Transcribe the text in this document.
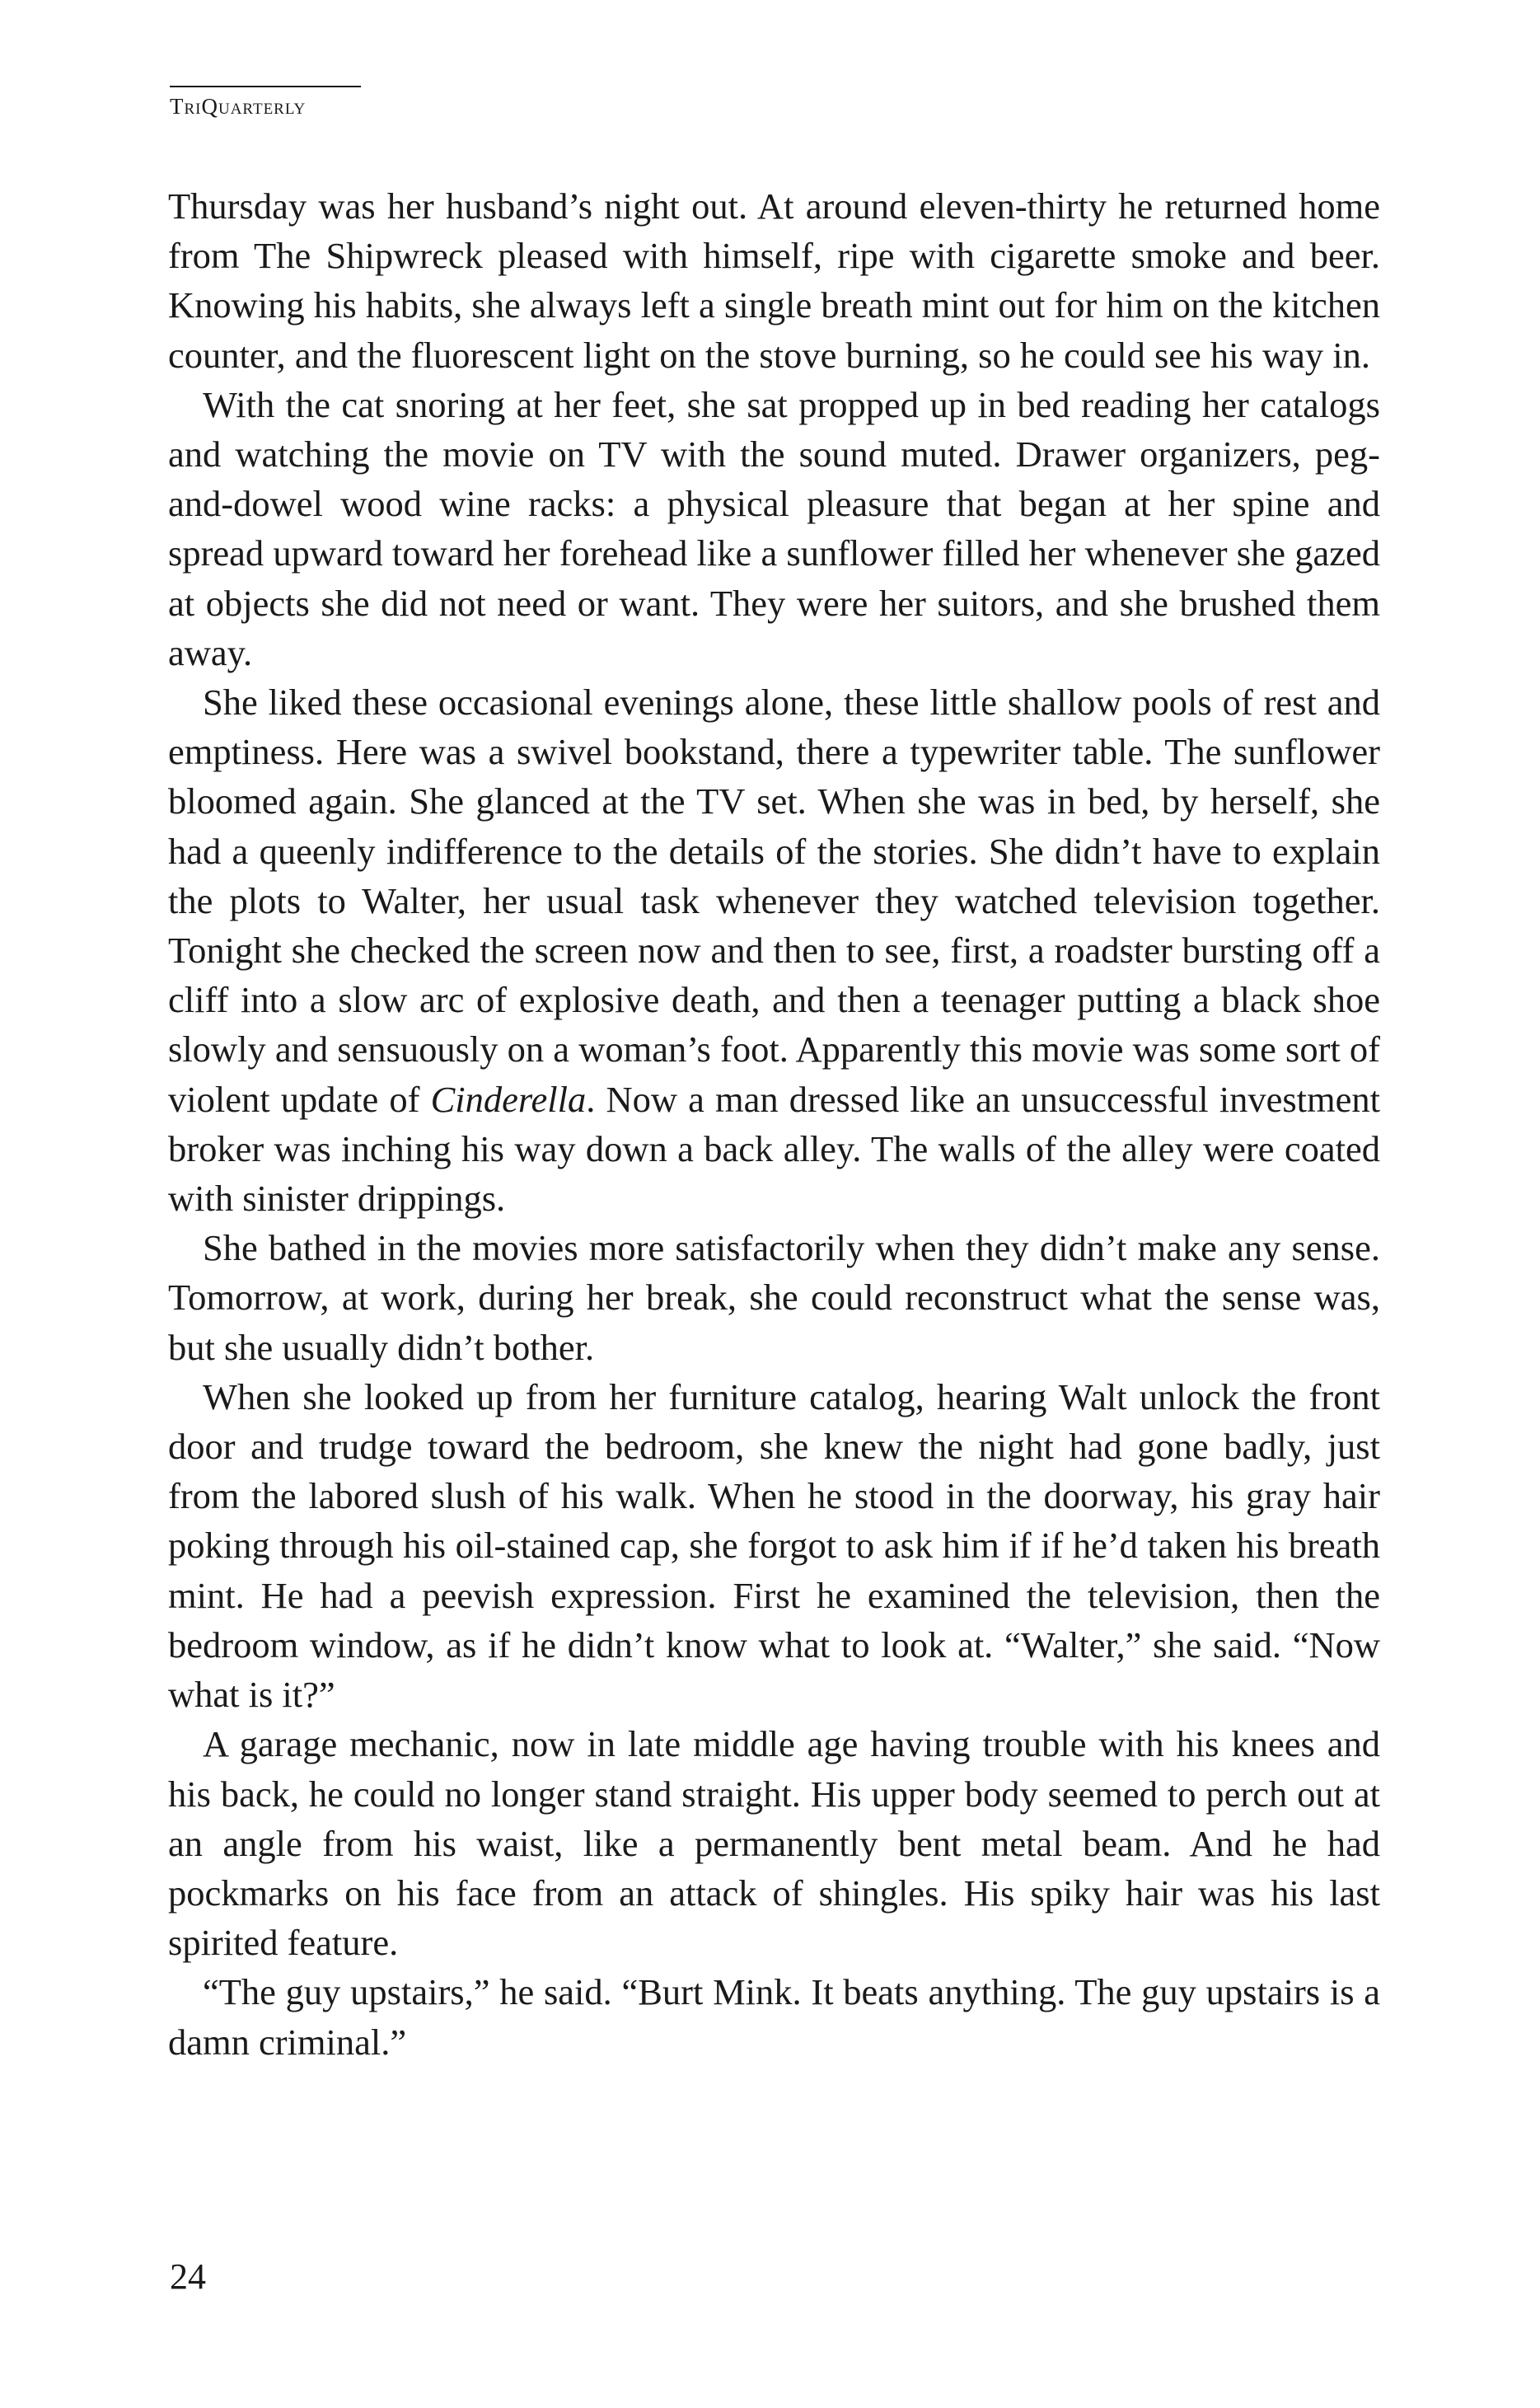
TriQuarterly

Thursday was her husband’s night out. At around eleven-thirty he returned home from The Shipwreck pleased with himself, ripe with cigarette smoke and beer. Knowing his habits, she always left a single breath mint out for him on the kitchen counter, and the fluorescent light on the stove burning, so he could see his way in.

With the cat snoring at her feet, she sat propped up in bed reading her catalogs and watching the movie on TV with the sound muted. Drawer organizers, peg-and-dowel wood wine racks: a physical pleasure that began at her spine and spread upward toward her forehead like a sunflower filled her whenever she gazed at objects she did not need or want. They were her suitors, and she brushed them away.

She liked these occasional evenings alone, these little shallow pools of rest and emptiness. Here was a swivel bookstand, there a typewriter table. The sunflower bloomed again. She glanced at the TV set. When she was in bed, by herself, she had a queenly indifference to the details of the stories. She didn’t have to explain the plots to Walter, her usual task whenever they watched television together. Tonight she checked the screen now and then to see, first, a roadster bursting off a cliff into a slow arc of explosive death, and then a teenager putting a black shoe slowly and sensuously on a woman’s foot. Apparently this movie was some sort of violent update of Cinderella. Now a man dressed like an unsuccessful investment broker was inching his way down a back alley. The walls of the alley were coated with sinister drippings.

She bathed in the movies more satisfactorily when they didn’t make any sense. Tomorrow, at work, during her break, she could reconstruct what the sense was, but she usually didn’t bother.

When she looked up from her furniture catalog, hearing Walt unlock the front door and trudge toward the bedroom, she knew the night had gone badly, just from the labored slush of his walk. When he stood in the doorway, his gray hair poking through his oil-stained cap, she forgot to ask him if if he’d taken his breath mint. He had a peevish expression. First he examined the television, then the bedroom window, as if he didn’t know what to look at. “Walter,” she said. “Now what is it?”

A garage mechanic, now in late middle age having trouble with his knees and his back, he could no longer stand straight. His upper body seemed to perch out at an angle from his waist, like a permanently bent metal beam. And he had pockmarks on his face from an attack of shingles. His spiky hair was his last spirited feature.

“The guy upstairs,” he said. “Burt Mink. It beats anything. The guy upstairs is a damn criminal.”

24
